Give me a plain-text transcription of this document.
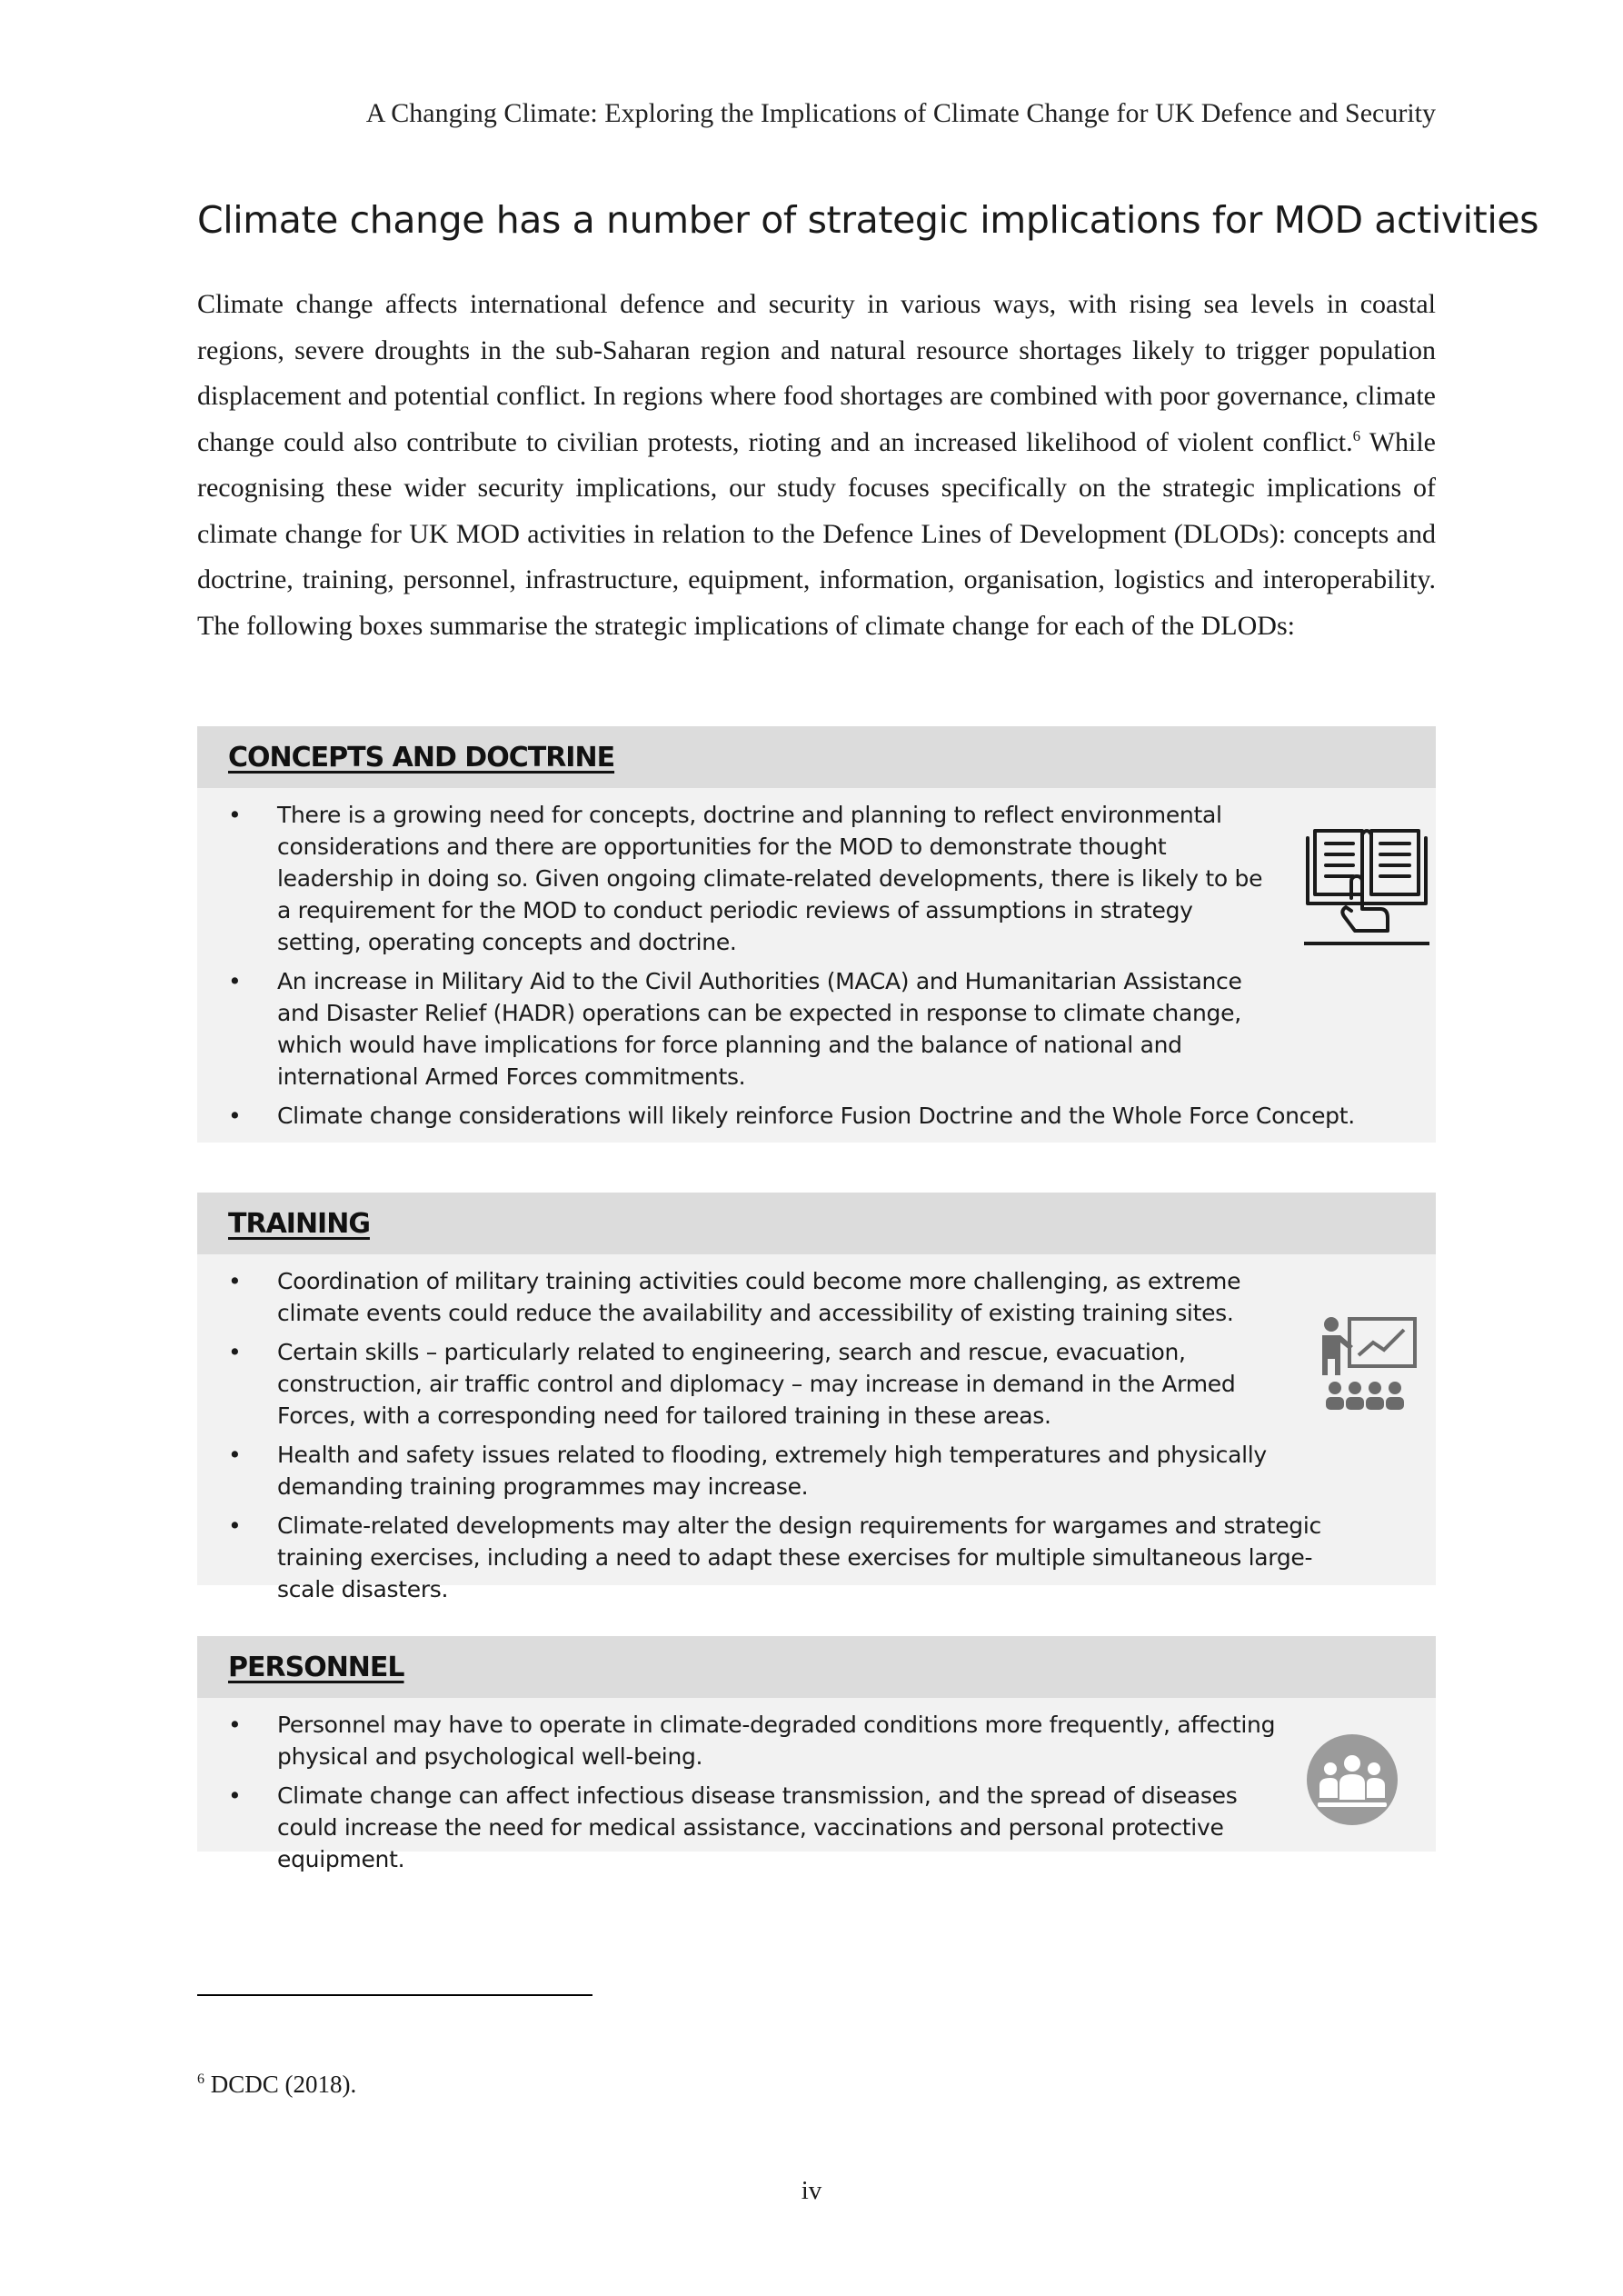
A Changing Climate: Exploring the Implications of Climate Change for UK Defence and Security

Climate change has a number of strategic implications for MOD activities

Climate change affects international defence and security in various ways, with rising sea levels in coastal regions, severe droughts in the sub-Saharan region and natural resource shortages likely to trigger population displacement and potential conflict. In regions where food shortages are combined with poor governance, climate change could also contribute to civilian protests, rioting and an increased likelihood of violent conflict.$^6$ While recognising these wider security implications, our study focuses specifically on the strategic implications of climate change for UK MOD activities in relation to the Defence Lines of Development (DLODs): concepts and doctrine, training, personnel, infrastructure, equipment, information, organisation, logistics and interoperability. The following boxes summarise the strategic implications of climate change for each of the DLODs:

CONCEPTS AND DOCTRINE
• There is a growing need for concepts, doctrine and planning to reflect environmental considerations and there are opportunities for the MOD to demonstrate thought leadership in doing so. Given ongoing climate-related developments, there is likely to be a requirement for the MOD to conduct periodic reviews of assumptions in strategy setting, operating concepts and doctrine.
• An increase in Military Aid to the Civil Authorities (MACA) and Humanitarian Assistance and Disaster Relief (HADR) operations can be expected in response to climate change, which would have implications for force planning and the balance of national and international Armed Forces commitments.
• Climate change considerations will likely reinforce Fusion Doctrine and the Whole Force Concept.
TRAINING
• Coordination of military training activities could become more challenging, as extreme climate events could reduce the availability and accessibility of existing training sites.
• Certain skills – particularly related to engineering, search and rescue, evacuation, construction, air traffic control and diplomacy – may increase in demand in the Armed Forces, with a corresponding need for tailored training in these areas.
• Health and safety issues related to flooding, extremely high temperatures and physically demanding training programmes may increase.
• Climate-related developments may alter the design requirements for wargames and strategic training exercises, including a need to adapt these exercises for multiple simultaneous large-scale disasters.
PERSONNEL
• Personnel may have to operate in climate-degraded conditions more frequently, affecting physical and psychological well-being.
• Climate change can affect infectious disease transmission, and the spread of diseases could increase the need for medical assistance, vaccinations and personal protective equipment.

$^6$ DCDC (2018).

iv
